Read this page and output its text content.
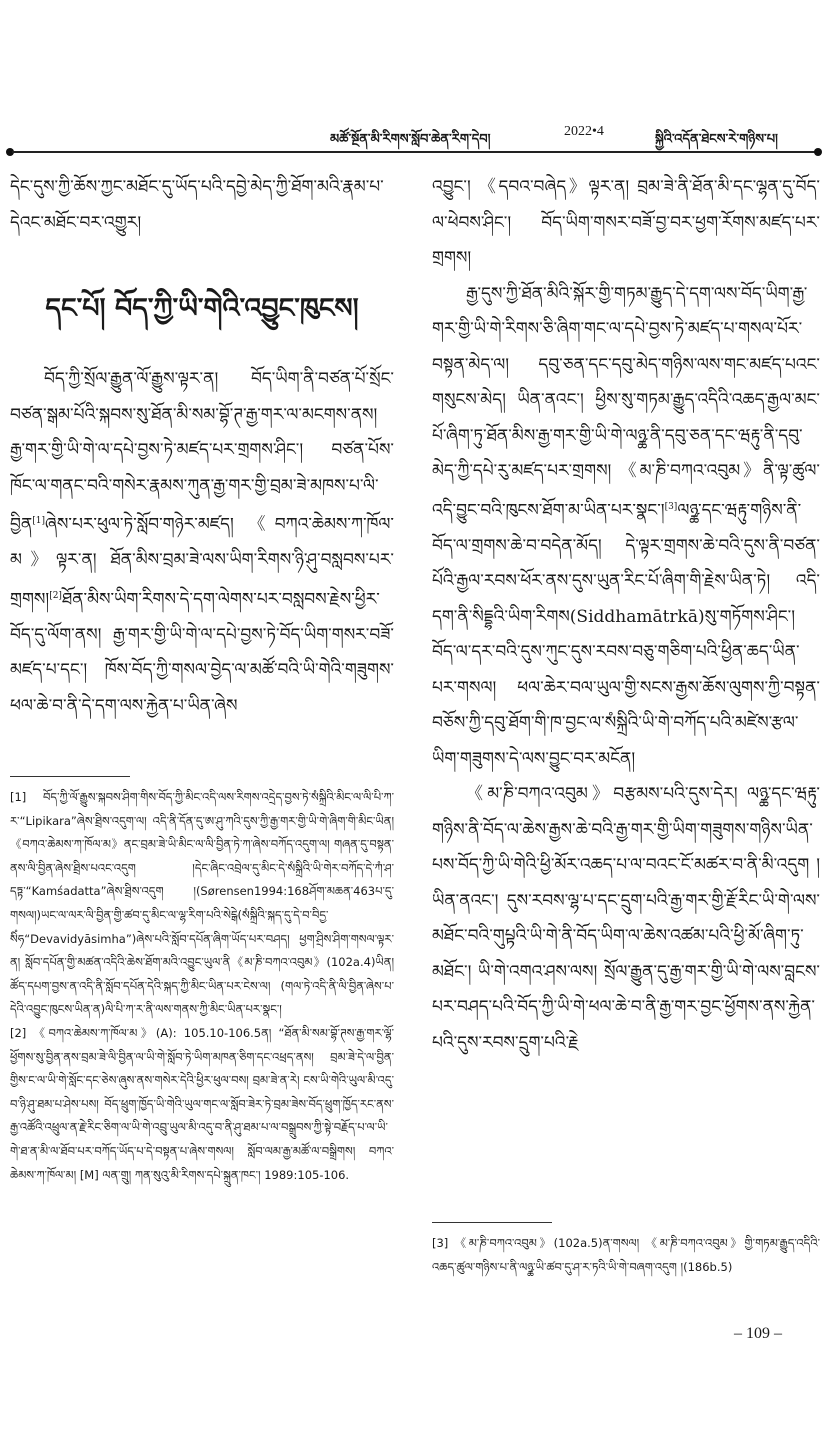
མཚོ་སྔོན་མི་རིགས་སློབ་ཆེན་རིག་དེབ།
2022•4
སྐྱིའི་འདོན་ཐེངས་རེ་གཉིས་པ།

དེང་དུས་ཀྱི་ཆོས་ཀྱང་མཐོང་དུ་ཡོད་པའི་དབྱེ་མེད་ཀྱི་ཐོག་མའི་རྣམ་པ་དེའང་མཐོང་བར་འགྱུར།

དང་པོ། བོད་ཀྱི་ཡི་གེའི་འབྱུང་ཁུངས།

བོད་ཀྱི་སྲོལ་རྒྱུན་ལོ་རྒྱུས་ལྟར་ན། བོད་ཡིག་ནི་བཙན་པོ་སྲོང་བཙན་སྒམ་པོའི་སྐབས་སུ་ཐོན་མི་སམ་བྷོ་ཊ་རྒྱ་གར་ལ་མངགས་ནས། རྒྱ་གར་གྱི་ཡི་གེ་ལ་དཔེ་བྱས་ཏེ་མཛད་པར་གྲགས་ཤིང་། བཙན་པོས་ཁོང་ལ་གནང་བའི་གསེར་རྣམས་ཀུན་རྒྱ་གར་གྱི་བྲམ་ཟེ་མཁས་པ་ལི་བྱིན[1]ཞེས་པར་ཕུལ་ཏེ་སློབ་གཉེར་མཛད། 《བཀའ་ཆེམས་ཀ་ཁོལ་མ》ལྟར་ན། ཐོན་མིས་བྲམ་ཟེ་ལས་ཡིག་རིགས་ཉི་ཤུ་བསླབས་པར་གྲགས།[2]ཐོན་མིས་ཡིག་རིགས་དེ་དག་ལེགས་པར་བསླབས་རྗེས་ཕྱིར་བོད་དུ་ལོག་ནས། རྒྱ་གར་གྱི་ཡི་གེ་ལ་དཔེ་བྱས་ཏེ་བོད་ཡིག་གསར་བཟོ་མཛད་པ་དང་། ཁོས་བོད་ཀྱི་གསལ་བྱེད་ལ་མཚོ་བའི་ཡི་གེའི་གཟུགས་ཕལ་ཆེ་བ་ནི་དེ་དག་ལས་རྐྱེན་པ་ཡིན་ཞེས

[1] བོད་ཀྱི་ལོ་རྒྱུས་སྐབས་ཤིག་གིས་བོད་ཀྱི་མིང་འདི་ལས་རིགས་འདྲེད་བྱས་ཏེ་སཾསྐྲིའི་མིང་ལ་ལི་པི་ཀ་ར་“Lipikara”ཞེས་ཐྲིས་འདུག་ལ། འདི་ནི་དོན་དུ་ཨ་ཤུ་ཀའི་དུས་ཀྱི་རྒྱ་གར་གྱི་ཡི་གེ་ཞིག་གི་མིང་ཡིན། 《བཀའ་ཆེམས་ཀ་ཁོལ་མ》ནང་བྲམ་ཟེ་ཡི་མིང་ལ་ལི་བྱིན་ཏེ་ཀ་ཞེས་བཀོད་འདུག་ལ། གཞན་དུ་བསྟན་ནས་ལི་བྱིན་ཞེས་ཐྲིས་པའང་འདུག །དེང་ཞིང་འབྲེལ་དུ་མིང་དེ་སཾསྐྲིའི་ཡི་གེར་བཀོད་དེ་ཀཾ་ཤ་དཏྟ་“Kamśadatta”ཞེས་ཐྲིས་འདུག །(Sørensen1994:168ཤོག་མཆན་463པ་དུ་གསལ།)ཡང་ལ་ལར་ལི་བྱིན་གྱི་ཚབ་དུ་མིང་ལ་ལྷ་རིག་པའི་སེངྒེ(སཾསྐྲིའི་སྐད་དུ་དེ་བ་བིདྱ་སིཾཧ“Devavidyāsimha”)ཞེས་པའི་སློབ་དཔོན་ཞིག་ཡོད་པར་བཤད། ཕྱག་ཤྲིས་ཤིག་གསལ་ལྟར་ན། སློབ་དཔོན་གྱི་མཚན་འདིའི་ཆེས་ཐོག་མའི་འབྱུང་ཡུལ་ནི《མ་ཎི་བཀའ་འབུམ》(102a.4)ཡིན། ཚོད་དཔག་བྱས་ན་འདི་ནི་སློབ་དཔོན་དེའི་སྐད་ཀྱི་མིང་ཡིན་པར་ངེས་ལ། (གལ་ཏེ་འདི་ནི་ལི་བྱིན་ཞེས་པ་དེའི་འབྱུང་ཁུངས་ཡིན་ན)ལི་པི་ཀ་ར་ནི་ལས་གནས་ཀྱི་མིང་ཡིན་པར་སྣང་།

[2] 《བཀའ་ཆེམས་ཀ་ཁོལ་མ》(A): 105.10-106.5ན། “ཐོན་མི་སམ་བྷོ་ཊས་རྒྱ་གར་ལྷོ་ཕྱོགས་སུ་བྱིན་ནས་བྲམ་ཟེ་ལི་བྱིན་ལ་ཡི་གེ་སློབ་ཏེ་ཡིག་མཁན་ཅིག་དང་འཕྲད་ནས། བྲམ་ཟེ་དེ་ལ་བྱིན་གྱིས་ང་ལ་ཡི་གེ་སློང་དང་ཅེས་ཞུས་ནས་གསེར་དེའི་ཕྱིར་ཕུལ་བས། བྲམ་ཟེ་ན་རེ། ངས་ཡི་གེའི་ཡུལ་མི་འདུ་བ་ཉི་ཤུ་ཐམ་པ་ཤེས་པས། བོད་ཕྲུག་ཁྱོད་ཡི་གེའི་ཡུལ་གང་ལ་སློབ་ཟེར་ཏེ་བྲམ་ཟེས་བོད་ཕྲུག་ཁྱོད་རང་ནས་རྒྱ་འཚོའི་འཕྲུལ་ན་རྗེ་རིང་ཅིག་ལ་ཡི་གེ་འབྲུ་ཡུལ་མི་འདུ་བ་ནི་ཤུ་ཐམ་པ་ལ་བསྒྲུབས་ཀྱི་སྟེ་བརྗོད་པ་ལ་ཡི་གེ་ཐ་ན་མི་ལ་ཐོབ་པར་བཀོད་ཡོད་པ་དེ་བསྟན་པ་ཞེས་གསལ། སློབ་ལམ་རྒྱ་མཚོ་ལ་བསྒྲིགས། བཀའ་ཆེམས་ཀ་ཁོལ་མ། [M] ལན་གྲུ། ཀན་སུའུ་མི་རིགས་དཔེ་སྐྲུན་ཁང་། 1989:105-106.

འབྱུང་། 《དབའ་བཞེད》ལྟར་ན། བྲམ་ཟེ་ནི་ཐོན་མི་དང་ལྷན་དུ་བོད་ལ་ཕེབས་ཤིང་། བོད་ཡིག་གསར་བཟོ་བྱ་བར་ཕྱག་རོགས་མཛད་པར་གྲགས།

རྒྱ་དུས་ཀྱི་ཐོན་མིའི་སྐོར་གྱི་གཏམ་རྒྱུད་དེ་དག་ལས་བོད་ཡིག་རྒྱ་གར་གྱི་ཡི་གེ་རིགས་ཅི་ཞིག་གང་ལ་དཔེ་བྱས་ཏེ་མཛད་པ་གསལ་པོར་བསྟན་མེད་ལ། དབུ་ཅན་དང་དབུ་མེད་གཉིས་ལས་གང་མཛད་པའང་གསུངས་མེད། ཡིན་ནའང་། ཕྱིས་སུ་གཏམ་རྒྱུད་འདིའི་འཆད་རྒྱལ་མང་པོ་ཞིག་ཏུ་ཐོན་མིས་རྒྱ་གར་གྱི་ཡི་གེ་ལཉྪ་ནི་དབུ་ཅན་དང་ཝརྟུ་ནི་དབུ་མེད་ཀྱི་དཔེ་རུ་མཛད་པར་གྲགས། 《མ་ཎི་བཀའ་འབུམ》ནི་ལྟ་ཚུལ་འདི་བྱུང་བའི་ཁུངས་ཐོག་མ་ཡིན་པར་སྣང་།[3]ལཉྪ་དང་ཝརྟུ་གཉིས་ནི་བོད་ལ་གྲགས་ཆེ་བ་བདེན་མོད། དེ་ལྟར་གྲགས་ཆེ་བའི་དུས་ནི་བཙན་པོའི་རྒྱལ་རབས་ཕོར་ནས་དུས་ཡུན་རིང་པོ་ཞིག་གི་རྗེས་ཡིན་ཏེ། འདི་དག་ནི་སིདྡྷའི་ཡིག་རིགས(Siddhamātrkā)སུ་གཏོགས་ཤིང་། བོད་ལ་དར་བའི་དུས་ཀུང་དུས་རབས་བཅུ་གཅིག་པའི་ཕྱིན་ཆད་ཡིན་པར་གསལ། ཕལ་ཆེར་བལ་ཡུལ་གྱི་སངས་རྒྱས་ཆོས་ལུགས་ཀྱི་བསྟན་བཅོས་ཀྱི་དབུ་ཐོག་གི་ཁ་བྱང་ལ་སཾསྐྲིའི་ཡི་གེ་བཀོད་པའི་མཛེས་རྩལ་ཡིག་གཟུགས་དེ་ལས་བྱུང་བར་མངོན།

《མ་ཎི་བཀའ་འབུམ》བརྩམས་པའི་དུས་དེར། ལཉྪ་དང་ཝརྟུ་གཉིས་ནི་བོད་ལ་ཆེས་རྒྱས་ཆེ་བའི་རྒྱ་གར་གྱི་ཡིག་གཟུགས་གཉིས་ཡིན་པས་བོད་ཀྱི་ཡི་གེའི་ཕྱི་མོར་འཆད་པ་ལ་བའང་ངོ་མཚར་བ་ནི་མི་འདུག །ཡིན་ནའང་། དུས་རབས་ལྷ་པ་དང་དྲུག་པའི་རྒྱ་གར་གྱི་རྗོ་རིང་ཡི་གེ་ལས་མཐོང་བའི་གུཔྟའི་ཡི་གེ་ནི་བོད་ཡིག་ལ་ཆེས་འཚམ་པའི་ཕྱི་མོ་ཞིག་ཏུ་མཐོང་། ཡི་གེ་འགའ་ཤས་ལས། སྲོལ་རྒྱུན་དུ་རྒྱ་གར་གྱི་ཡི་གེ་ལས་བླངས་པར་བཤད་པའི་བོད་ཀྱི་ཡི་གེ་ཕལ་ཆེ་བ་ནི་རྒྱ་གར་བྱང་ཕྱོགས་ནས་རྐྱེན་པའི་དུས་རབས་དྲུག་པའི་རྗེ

[3] 《མ་ཎི་བཀའ་འབུམ》(102a.5)ན་གསལ། 《མ་ཎི་བཀའ་འབུམ》གྱི་གཏམ་རྒྱུད་འདིའི་འཆད་ཚུལ་གཉིས་པ་ནི་ལཉྪ་ཡི་ཚབ་དུ་ཤ་ར་ཏའི་ཡི་གེ་བཞག་འདུག །(186b.5)

– 109 –
